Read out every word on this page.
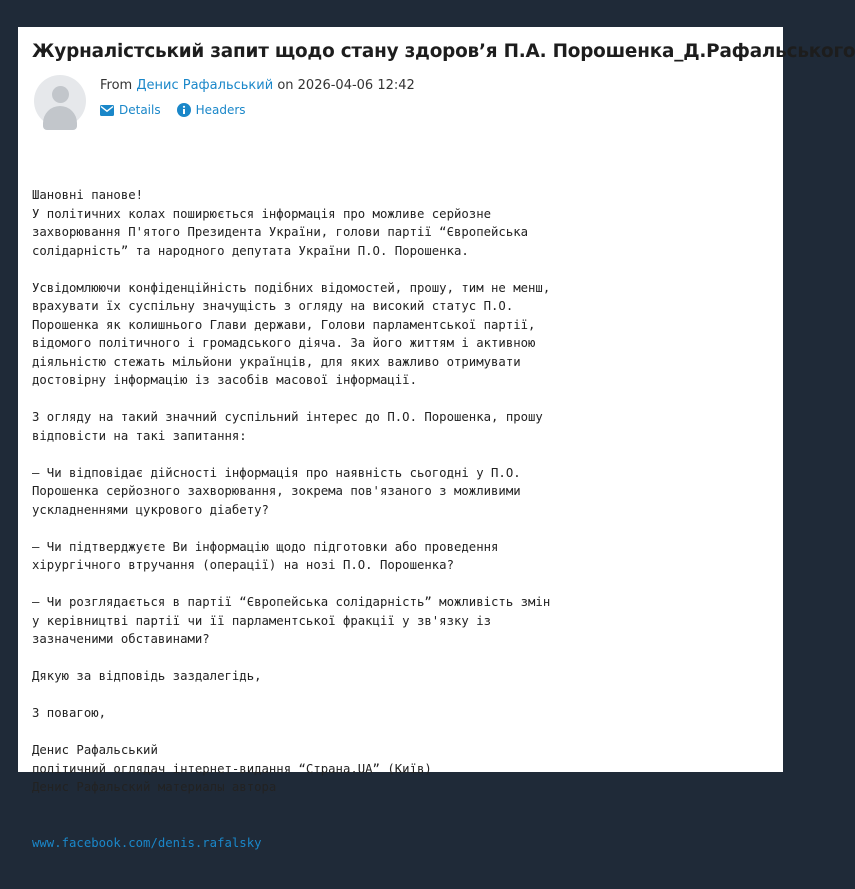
Журналістський запит щодо стану здоров’я П.А. Порошенка_Д.Рафальського
From Денис Рафальський on 2026-04-06 12:42
Details	Headers

Шановні панове!
У політичних колах поширюється інформація про можливе серйозне
захворювання П'ятого Президента України, голови партії “Європейська
солідарність” та народного депутата України П.О. Порошенка.
Усвідомлюючи конфіденційність подібних відомостей, прошу, тим не менш,
врахувати їх суспільну значущість з огляду на високий статус П.О.
Порошенка як колишнього Глави держави, Голови парламентської партії,
відомого політичного і громадського діяча. За його життям і активною
діяльністю стежать мільйони українців, для яких важливо отримувати
достовірну інформацію із засобів масової інформації.
З огляду на такий значний суспільний інтерес до П.О. Порошенка, прошу
відповісти на такі запитання:
— Чи відповідає дійсності інформація про наявність сьогодні у П.О.
Порошенка серйозного захворювання, зокрема пов'язаного з можливими
ускладненнями цукрового діабету?
— Чи підтверджуєте Ви інформацію щодо підготовки або проведення
хірургічного втручання (операції) на нозі П.О. Порошенка?
— Чи розглядається в партії “Європейська солідарність” можливість змін
у керівництві партії чи її парламентської фракції у зв'язку із
зазначеними обставинами?
Дякую за відповідь заздалегідь,
З повагою,
Денис Рафальський
політичний оглядач інтернет-видання “Страна.UA” (Київ)
Денис Рафальский материалы автора

www.facebook.com/denis.rafalsky
